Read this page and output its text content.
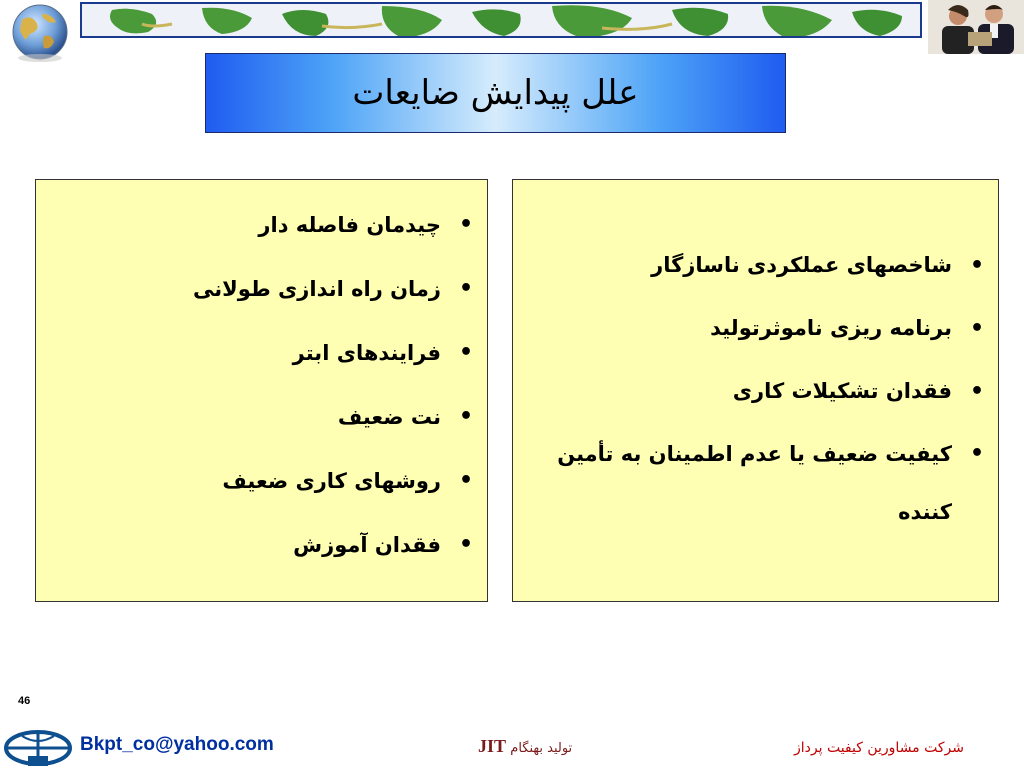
علل پیدایش ضایعات
• چیدمان فاصله دار
• زمان راه اندازی طولانی
• فرایندهای ابتر
• نت ضعیف
• روشهای کاری ضعیف
• فقدان آموزش
• شاخصهای عملکردی ناسازگار
• برنامه ریزی ناموثرتولید
• فقدان تشکیلات کاری
• کیفیت ضعیف یا عدم اطمینان به تأمین کننده
46
Bkpt_co@yahoo.com	تولید بهنگام JIT	شرکت مشاورین کیفیت پرداز
